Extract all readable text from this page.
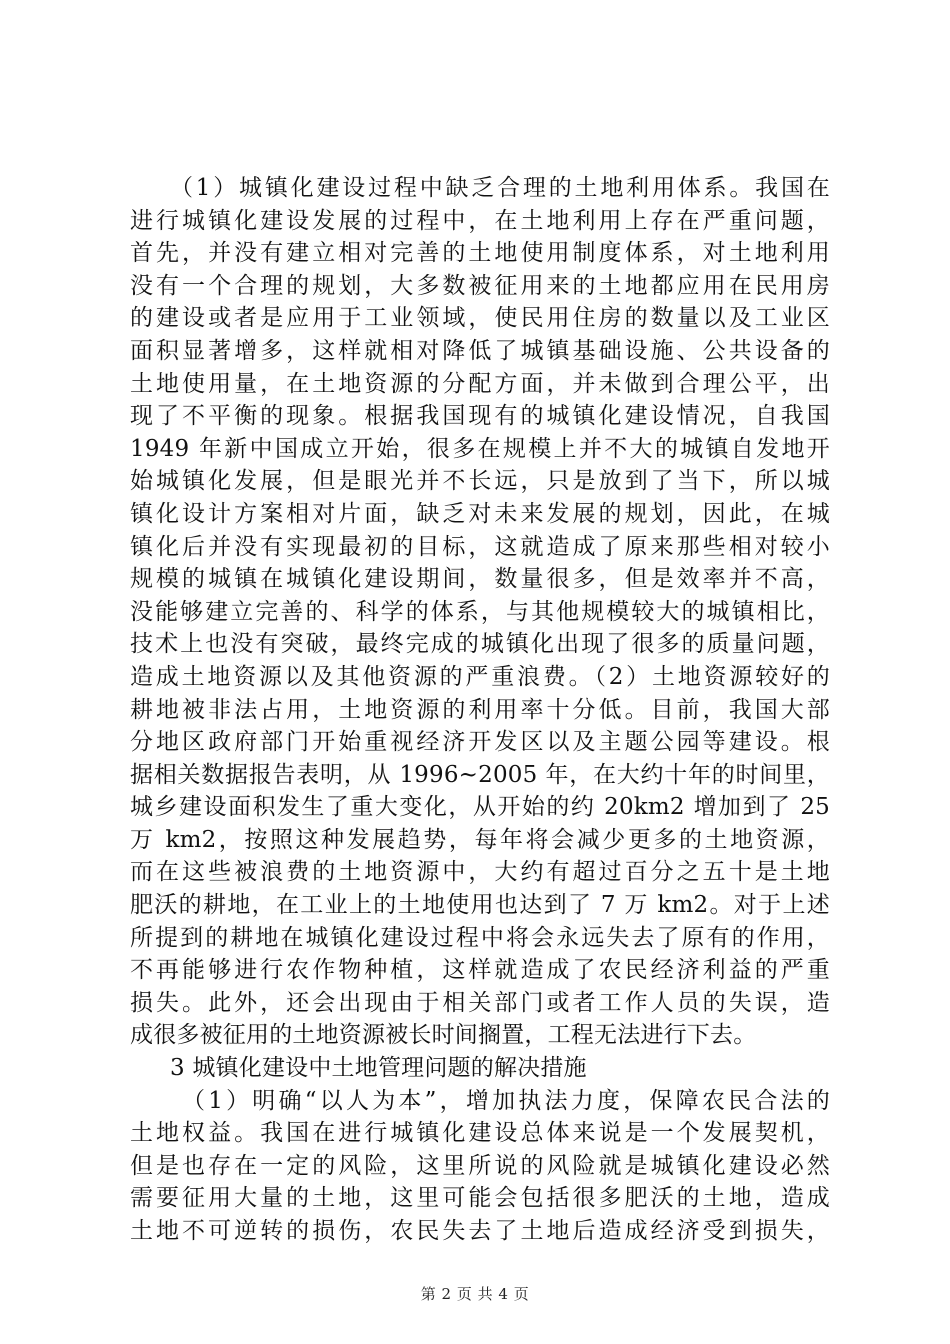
（1）城镇化建设过程中缺乏合理的土地利用体系。我国在
进行城镇化建设发展的过程中，在土地利用上存在严重问题，
首先，并没有建立相对完善的土地使用制度体系，对土地利用
没有一个合理的规划，大多数被征用来的土地都应用在民用房
的建设或者是应用于工业领域，使民用住房的数量以及工业区
面积显著增多，这样就相对降低了城镇基础设施、公共设备的
土地使用量，在土地资源的分配方面，并未做到合理公平，出
现了不平衡的现象。根据我国现有的城镇化建设情况，自我国
1949 年新中国成立开始，很多在规模上并不大的城镇自发地开
始城镇化发展，但是眼光并不长远，只是放到了当下，所以城
镇化设计方案相对片面，缺乏对未来发展的规划，因此，在城
镇化后并没有实现最初的目标，这就造成了原来那些相对较小
规模的城镇在城镇化建设期间，数量很多，但是效率并不高，
没能够建立完善的、科学的体系，与其他规模较大的城镇相比，
技术上也没有突破，最终完成的城镇化出现了很多的质量问题，
造成土地资源以及其他资源的严重浪费。（2）土地资源较好的
耕地被非法占用，土地资源的利用率十分低。目前，我国大部
分地区政府部门开始重视经济开发区以及主题公园等建设。根
据相关数据报告表明，从 1996~2005 年，在大约十年的时间里，
城乡建设面积发生了重大变化，从开始的约 20km2 增加到了 25
万 km2，按照这种发展趋势，每年将会减少更多的土地资源，
而在这些被浪费的土地资源中，大约有超过百分之五十是土地
肥沃的耕地，在工业上的土地使用也达到了 7 万 km2。对于上述
所提到的耕地在城镇化建设过程中将会永远失去了原有的作用，
不再能够进行农作物种植，这样就造成了农民经济利益的严重
损失。此外，还会出现由于相关部门或者工作人员的失误，造
成很多被征用的土地资源被长时间搁置，工程无法进行下去。
3 城镇化建设中土地管理问题的解决措施
（1）明确“以人为本”，增加执法力度，保障农民合法的
土地权益。我国在进行城镇化建设总体来说是一个发展契机，
但是也存在一定的风险，这里所说的风险就是城镇化建设必然
需要征用大量的土地，这里可能会包括很多肥沃的土地，造成
土地不可逆转的损伤，农民失去了土地后造成经济受到损失，
第 2 页 共 4 页
